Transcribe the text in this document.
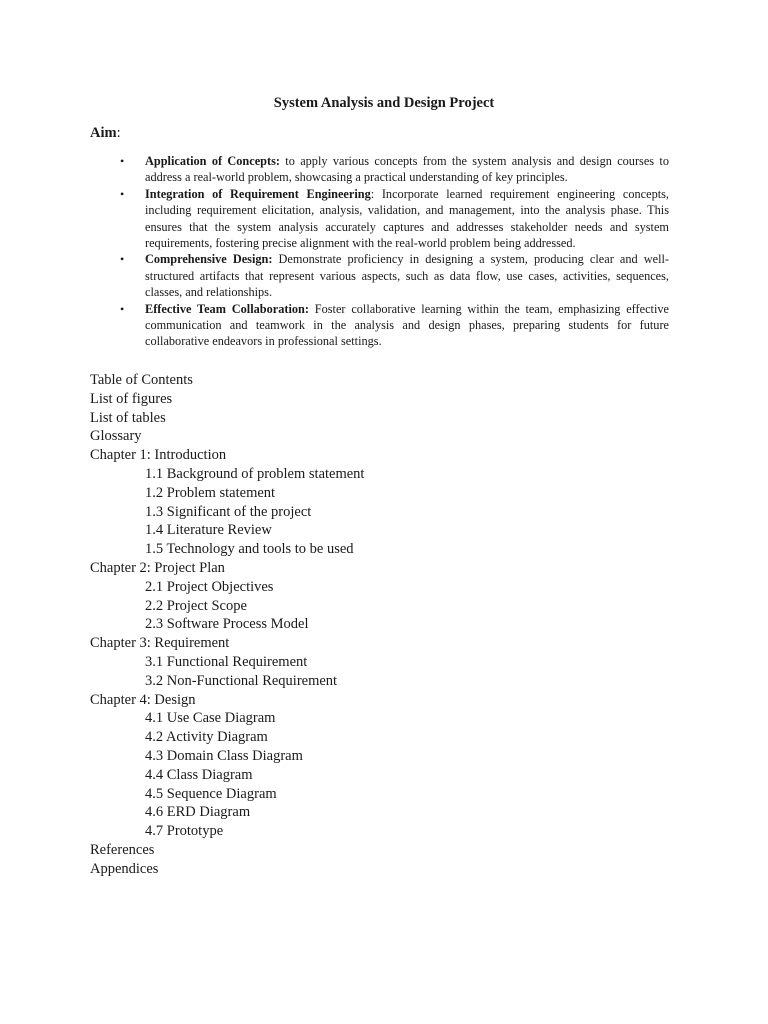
System Analysis and Design Project
Aim:
• Application of Concepts: to apply various concepts from the system analysis and design courses to address a real-world problem, showcasing a practical understanding of key principles.
• Integration of Requirement Engineering: Incorporate learned requirement engineering concepts, including requirement elicitation, analysis, validation, and management, into the analysis phase. This ensures that the system analysis accurately captures and addresses stakeholder needs and system requirements, fostering precise alignment with the real-world problem being addressed.
• Comprehensive Design: Demonstrate proficiency in designing a system, producing clear and well-structured artifacts that represent various aspects, such as data flow, use cases, activities, sequences, classes, and relationships.
• Effective Team Collaboration: Foster collaborative learning within the team, emphasizing effective communication and teamwork in the analysis and design phases, preparing students for future collaborative endeavors in professional settings.
Table of Contents
List of figures
List of tables
Glossary
Chapter 1: Introduction
1.1 Background of problem statement
1.2 Problem statement
1.3 Significant of the project
1.4 Literature Review
1.5 Technology and tools to be used
Chapter 2: Project Plan
2.1 Project Objectives
2.2 Project Scope
2.3 Software Process Model
Chapter 3: Requirement
3.1 Functional Requirement
3.2 Non-Functional Requirement
Chapter 4: Design
4.1 Use Case Diagram
4.2 Activity Diagram
4.3 Domain Class Diagram
4.4 Class Diagram
4.5 Sequence Diagram
4.6 ERD Diagram
4.7 Prototype
References
Appendices
